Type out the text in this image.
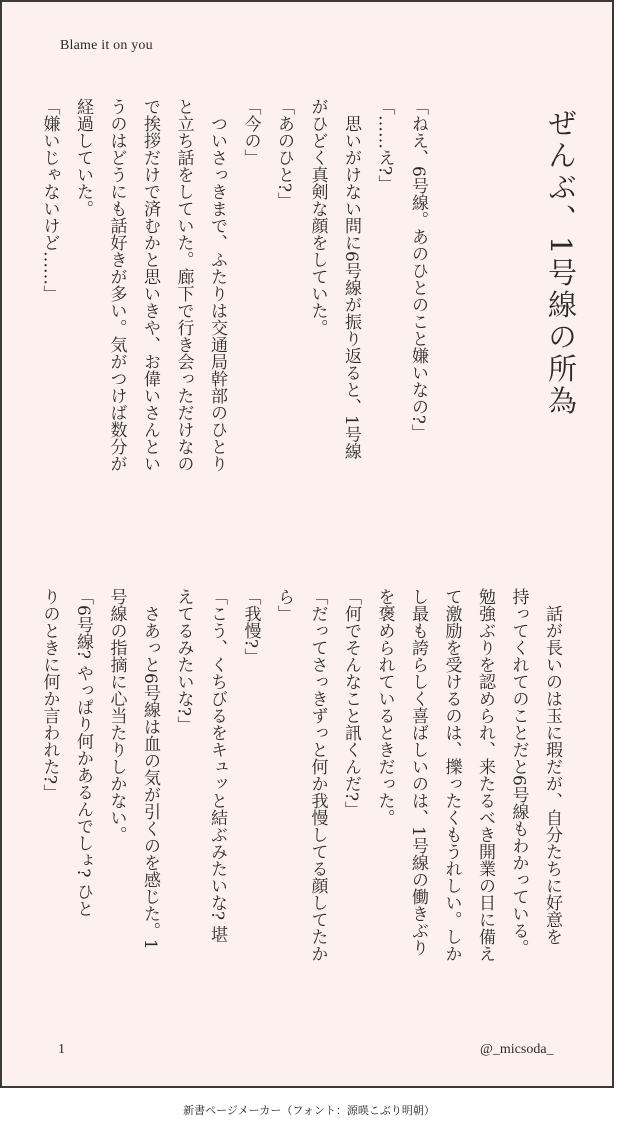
Blame it on you
ぜんぶ、1号線の所為
「ねえ、6号線。あのひとのこと嫌いなの?」
「……え?」
　思いがけない問に6号線が振り返ると、1号線
がひどく真剣な顔をしていた。
「あのひと?」
「今の」
　ついさっきまで、ふたりは交通局幹部のひとり
と立ち話をしていた。廊下で行き会っただけなの
で挨拶だけで済むかと思いきや、お偉いさんとい
うのはどうにも話好きが多い。気がつけば数分が
経過していた。
「嫌いじゃないけど……」
　話が長いのは玉に瑕だが、自分たちに好意を
持ってくれてのことだと6号線もわかっている。
勉強ぶりを認められ、来たるべき開業の日に備え
て激励を受けるのは、擽ったくもうれしい。しか
し最も誇らしく喜ばしいのは、1号線の働きぶり
を褒められているときだった。
「何でそんなこと訊くんだ?」
「だってさっきずっと何か我慢してる顔してたか
ら」
「我慢?」
「こう、くちびるをキュッと結ぶみたいな? 堪
えてるみたいな?」
　さあっと6号線は血の気が引くのを感じた。1
号線の指摘に心当たりしかない。
「6号線? やっぱり何かあるんでしょ? ひと
りのときに何か言われた?」
1	@_micsoda_
新書ページメーカー（フォント：源暎こぶり明朝）
